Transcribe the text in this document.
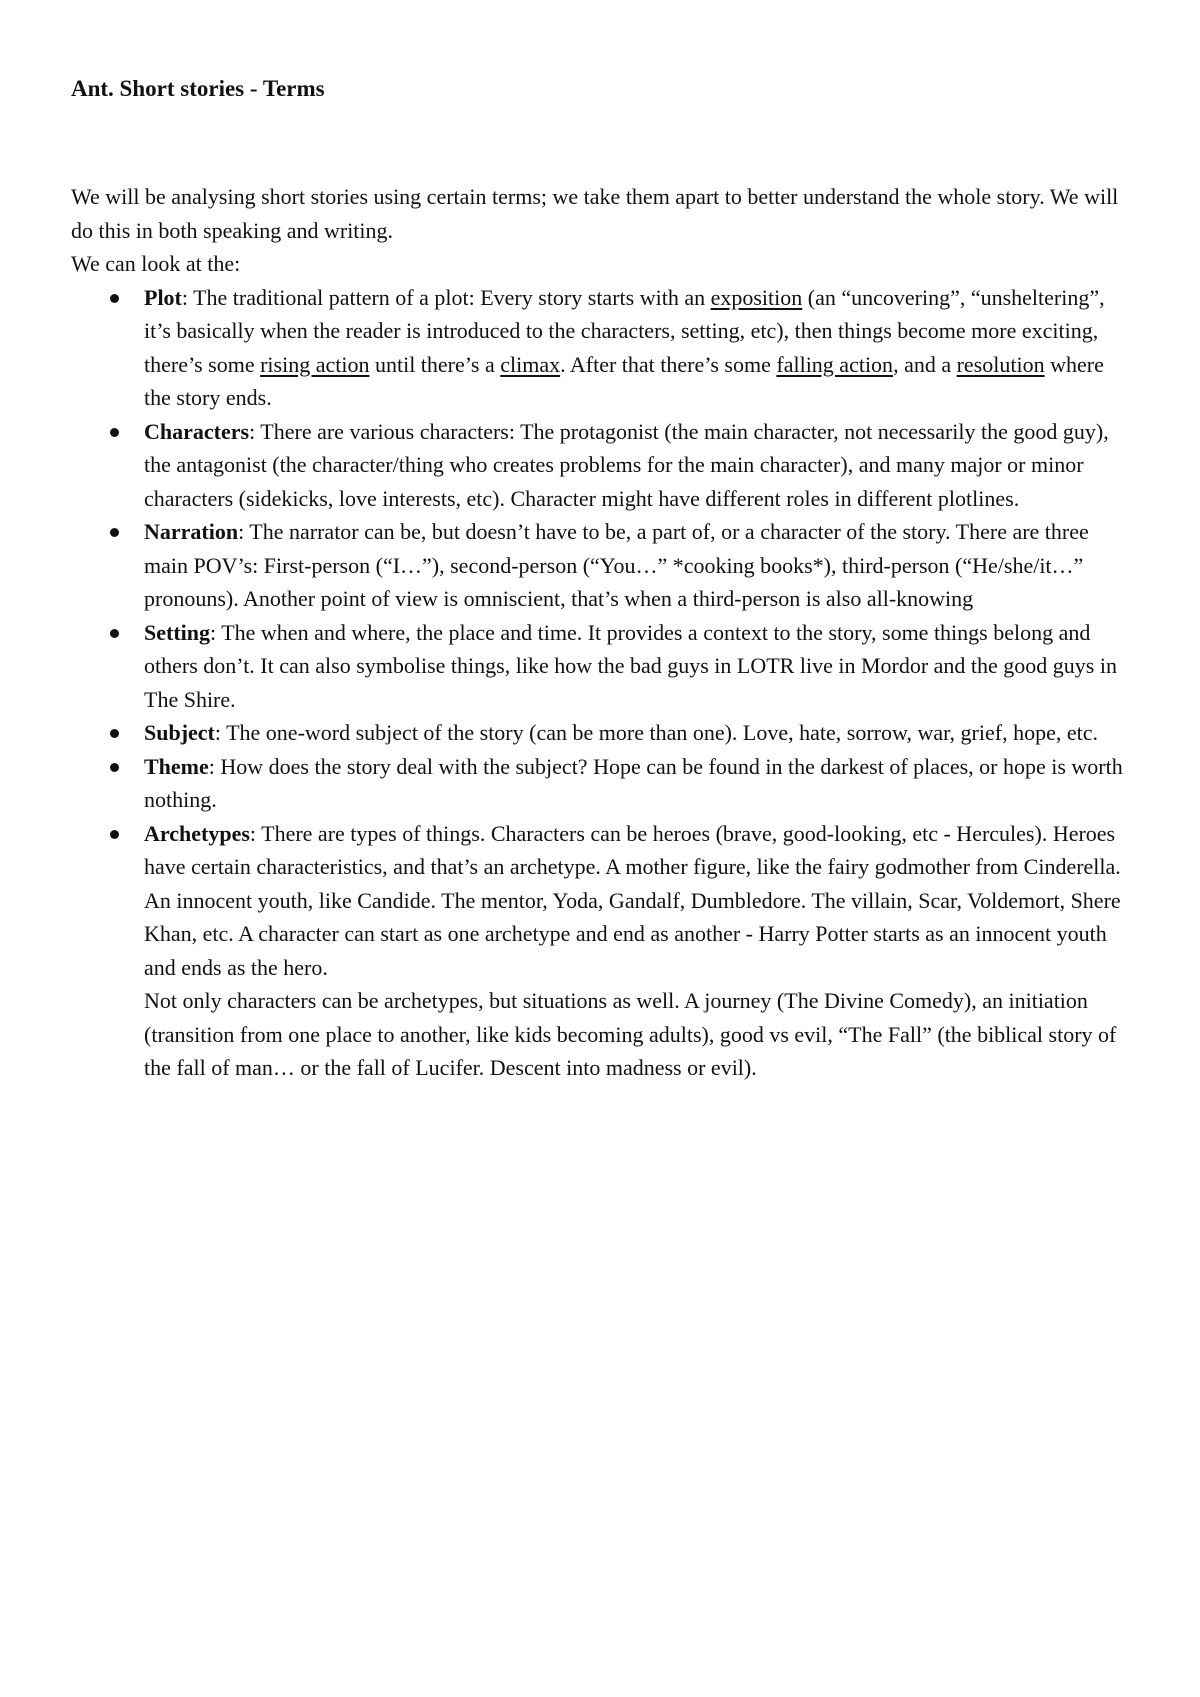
Ant. Short stories - Terms

We will be analysing short stories using certain terms; we take them apart to better understand the whole story. We will do this in both speaking and writing.

We can look at the:

Plot: The traditional pattern of a plot: Every story starts with an exposition (an “uncovering”, “unsheltering”, it’s basically when the reader is introduced to the characters, setting, etc), then things become more exciting, there’s some rising action until there’s a climax. After that there’s some falling action, and a resolution where the story ends.
Characters: There are various characters: The protagonist (the main character, not necessarily the good guy), the antagonist (the character/thing who creates problems for the main character), and many major or minor characters (sidekicks, love interests, etc). Character might have different roles in different plotlines.
Narration: The narrator can be, but doesn’t have to be, a part of, or a character of the story. There are three main POV’s: First-person (“I…”), second-person (“You…” *cooking books*), third-person (“He/she/it…” pronouns). Another point of view is omniscient, that’s when a third-person is also all-knowing
Setting: The when and where, the place and time. It provides a context to the story, some things belong and others don’t. It can also symbolise things, like how the bad guys in LOTR live in Mordor and the good guys in The Shire.
Subject: The one-word subject of the story (can be more than one). Love, hate, sorrow, war, grief, hope, etc.
Theme: How does the story deal with the subject? Hope can be found in the darkest of places, or hope is worth nothing.
Archetypes: There are types of things. Characters can be heroes (brave, good-looking, etc - Hercules). Heroes have certain characteristics, and that’s an archetype. A mother figure, like the fairy godmother from Cinderella. An innocent youth, like Candide. The mentor, Yoda, Gandalf, Dumbledore. The villain, Scar, Voldemort, Shere Khan, etc. A character can start as one archetype and end as another - Harry Potter starts as an innocent youth and ends as the hero.
Not only characters can be archetypes, but situations as well. A journey (The Divine Comedy), an initiation (transition from one place to another, like kids becoming adults), good vs evil, “The Fall” (the biblical story of the fall of man… or the fall of Lucifer. Descent into madness or evil).
